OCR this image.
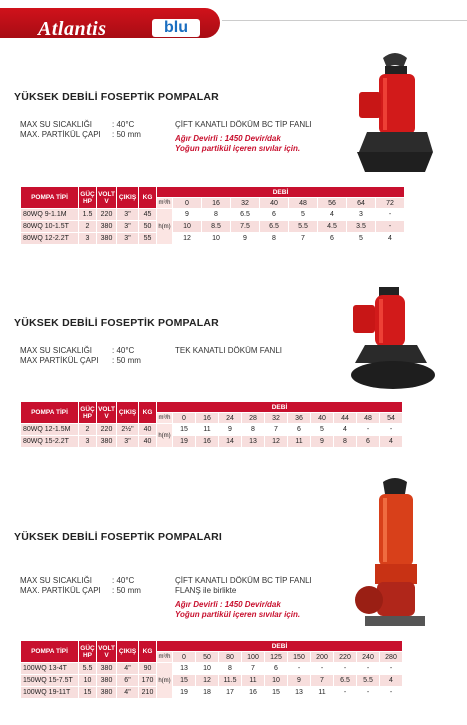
Atlantis	blu
YÜKSEK DEBİLİ FOSEPTİK POMPALAR
MAX SU SICAKLIĞI	: 40°C
MAX. PARTİKÜL ÇAPI	: 50 mm
ÇİFT KANATLI DÖKÜM BC TİP FANLI
Ağır Devirli : 1450 Devir/dak
Yoğun partikül içeren sıvılar için.
POMPA TİPİ	GÜÇ HP	VOLT V	ÇIKIŞ	KG	DEBİ								
					m³/h	0	16	32	40	48	56	64	72
80WQ 9-1.1M	1.5	220	3"	45	h(m)	9	8	6.5	6	5	4	3	-
80WQ 10-1.5T	2	380	3"	50		10	8.5	7.5	6.5	5.5	4.5	3.5	-
80WQ 12-2.2T	3	380	3"	55		12	10	9	8	7	6	5	4
YÜKSEK DEBİLİ FOSEPTİK POMPALAR
MAX SU SICAKLIĞI	: 40°C
MAX PARTİKÜL ÇAPI	: 50 mm
TEK KANATLI DÖKÜM FANLI
POMPA TİPİ	GÜÇ HP	VOLT V	ÇIKIŞ	KG	DEBİ										
					m³/h	0	16	24	28	32	36	40	44	48	54
80WQ 12-1.5M	2	220	2½"	40	h(m)	15	11	9	8	7	6	5	4	-	-
80WQ 15-2.2T	3	380	3"	40		19	16	14	13	12	11	9	8	6	4
YÜKSEK DEBİLİ FOSEPTİK POMPALARI
MAX SU SICAKLIĞI	: 40°C
MAX. PARTİKÜL ÇAPI	: 50 mm
ÇİFT KANATLI DÖKÜM BC TİP FANLI
FLANŞ ile birlikte
Ağır Devirli : 1450 Devir/dak
Yoğun partikül içeren sıvılar için.
POMPA TİPİ	GÜÇ HP	VOLT V	ÇIKIŞ	KG	DEBİ										
					m³/h	0	50	80	100	125	150	200	220	240	280
100WQ 13-4T	5.5	380	4"	90	h(m)	13	10	8	7	6	-	-	-	-	-
150WQ 15-7.5T	10	380	6"	170		15	12	11.5	11	10	9	7	6.5	5.5	4
100WQ 19-11T	15	380	4"	210		19	18	17	16	15	13	11	-	-	-
